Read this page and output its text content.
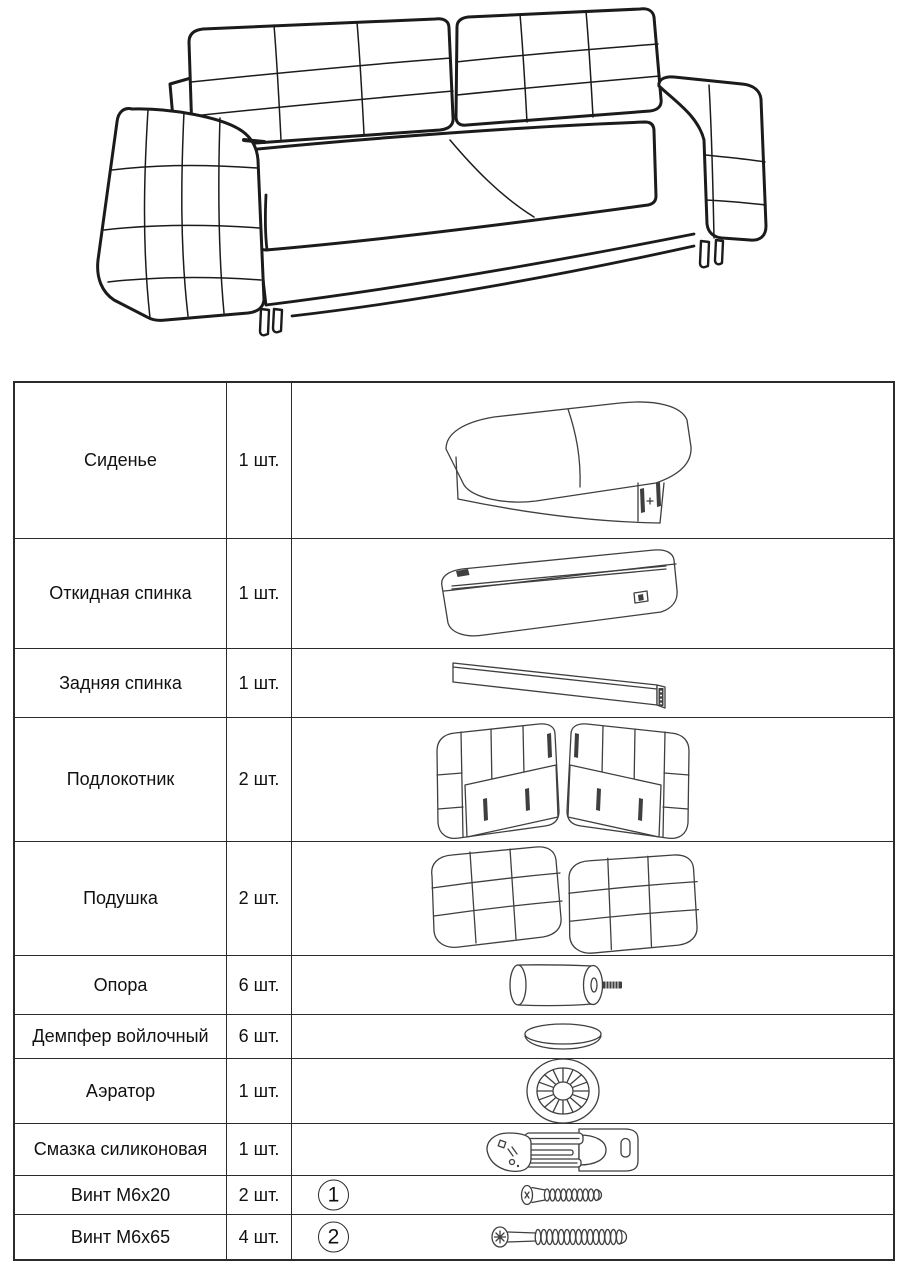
Сиденье	1 шт.
Откидная спинка	1 шт.
Задняя спинка	1 шт.
Подлокотник	2 шт.
Подушка	2 шт.
Опора	6 шт.
Демпфер войлочный 6 шт.
Аэратор	1 шт.
Смазка силиконовая 1 шт.
Винт М6х20	2 шт. 1
Винт М6х65	4 шт. 2
